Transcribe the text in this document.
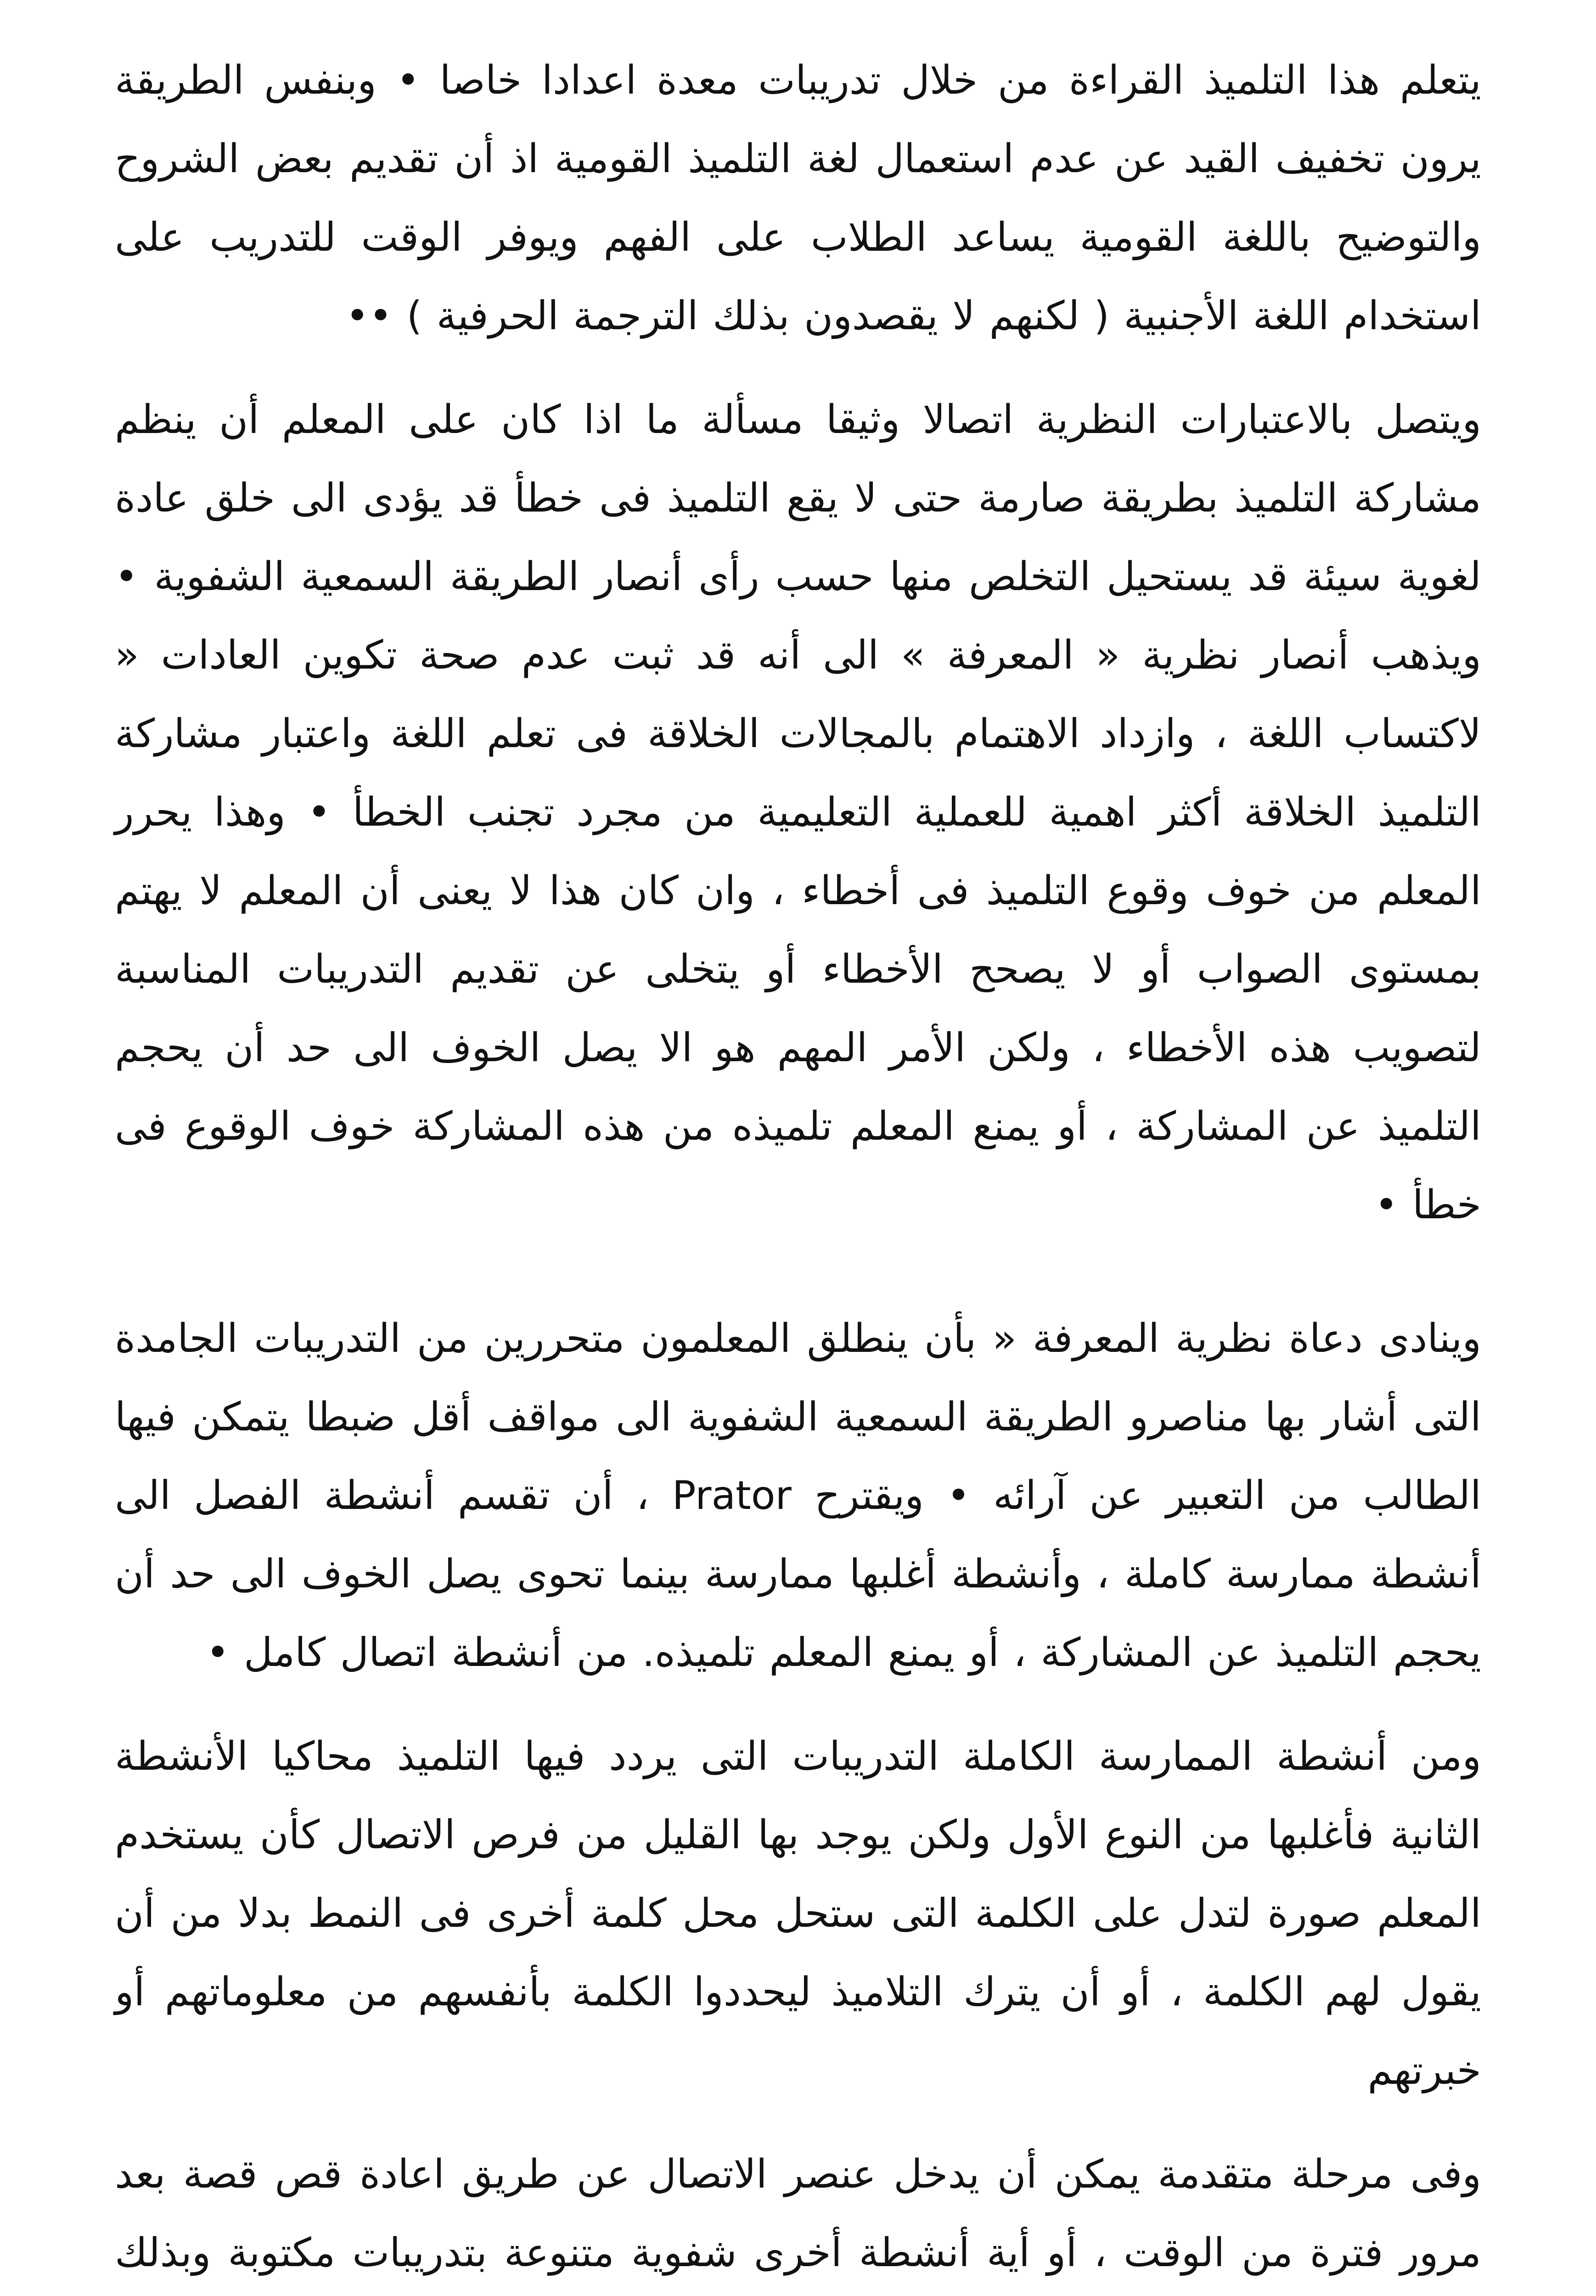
يتعلم هذا التلميذ القراءة من خلال تدريبات معدة اعدادا خاصا • وبنفس الطريقة يرون تخفيف القيد عن عدم استعمال لغة التلميذ القومية اذ أن تقديم بعض الشروح والتوضيح باللغة القومية يساعد الطلاب على الفهم ويوفر الوقت للتدريب على استخدام اللغة الأجنبية ( لكنهم لا يقصدون بذلك الترجمة الحرفية ) ••

ويتصل بالاعتبارات النظرية اتصالا وثيقا مسألة ما اذا كان على المعلم أن ينظم مشاركة التلميذ بطريقة صارمة حتى لا يقع التلميذ فى خطأ قد يؤدى الى خلق عادة لغوية سيئة قد يستحيل التخلص منها حسب رأى أنصار الطريقة السمعية الشفوية • ويذهب أنصار نظرية « المعرفة » الى أنه قد ثبت عدم صحة تكوين العادات « لاكتساب اللغة ، وازداد الاهتمام بالمجالات الخلاقة فى تعلم اللغة واعتبار مشاركة التلميذ الخلاقة أكثر اهمية للعملية التعليمية من مجرد تجنب الخطأ • وهذا يحرر المعلم من خوف وقوع التلميذ فى أخطاء ، وان كان هذا لا يعنى أن المعلم لا يهتم بمستوى الصواب أو لا يصحح الأخطاء أو يتخلى عن تقديم التدريبات المناسبة لتصويب هذه الأخطاء ، ولكن الأمر المهم هو الا يصل الخوف الى حد أن يحجم التلميذ عن المشاركة ، أو يمنع المعلم تلميذه من هذه المشاركة خوف الوقوع فى خطأ •

وينادى دعاة نظرية المعرفة « بأن ينطلق المعلمون متحررين من التدريبات الجامدة التى أشار بها مناصرو الطريقة السمعية الشفوية الى مواقف أقل ضبطا يتمكن فيها الطالب من التعبير عن آرائه • ويقترح Prator ، أن تقسم أنشطة الفصل الى أنشطة ممارسة كاملة ، وأنشطة أغلبها ممارسة بينما تحوى يصل الخوف الى حد أن يحجم التلميذ عن المشاركة ، أو يمنع المعلم تلميذه. من أنشطة اتصال كامل •

ومن أنشطة الممارسة الكاملة التدريبات التى يردد فيها التلميذ محاكيا الأنشطة الثانية فأغلبها من النوع الأول ولكن يوجد بها القليل من فرص الاتصال كأن يستخدم المعلم صورة لتدل على الكلمة التى ستحل محل كلمة أخرى فى النمط بدلا من أن يقول لهم الكلمة ، أو أن يترك التلاميذ ليحددوا الكلمة بأنفسهم من معلوماتهم أو خبرتهم

وفى مرحلة متقدمة يمكن أن يدخل عنصر الاتصال عن طريق اعادة قص قصة بعد مرور فترة من الوقت ، أو أية أنشطة أخرى شفوية متنوعة بتدريبات مكتوبة وبذلك
